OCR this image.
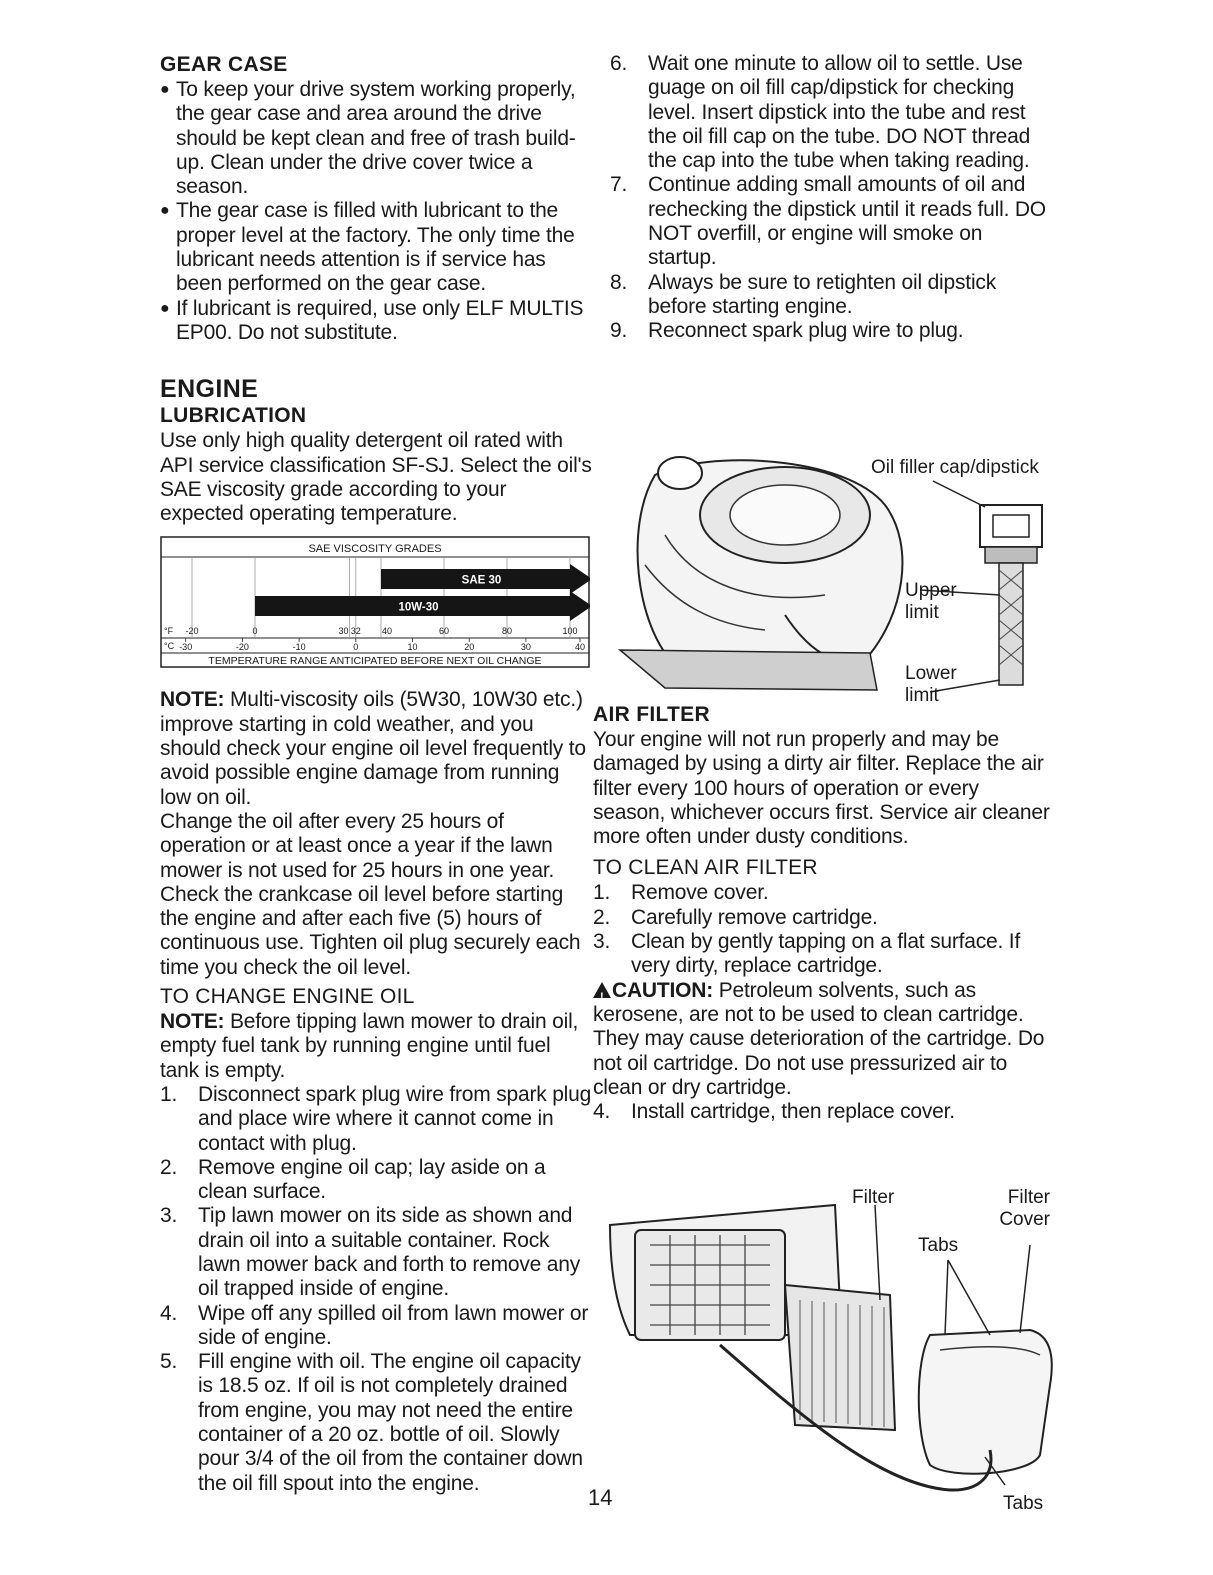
GEAR CASE
● To keep your drive system working properly, the gear case and area around the drive should be kept clean and free of trash build-up. Clean under the drive cover twice a season.
● The gear case is filled with lubricant to the proper level at the factory. The only time the lubricant needs attention is if service has been performed on the gear case.
● If lubricant is required, use only ELF MULTIS EP00. Do not substitute.
ENGINE
LUBRICATION

Use only high quality detergent oil rated with API service classification SF-SJ. Select the oil's SAE viscosity grade according to your expected operating temperature.

SAE VISCOSITY GRADES
TEMPERATURE RANGE ANTICIPATED BEFORE NEXT OIL CHANGE
SAE 30
10W-30
°F -20	0	30 32 40	60	80	100
°C -30	-20	-10	0	10	20	30	40

NOTE: Multi-viscosity oils (5W30, 10W30 etc.) improve starting in cold weather, and you should check your engine oil level frequently to avoid possible engine damage from running low on oil.

Change the oil after every 25 hours of operation or at least once a year if the lawn mower is not used for 25 hours in one year.

Check the crankcase oil level before starting the engine and after each five (5) hours of continuous use. Tighten oil plug securely each time you check the oil level.

TO CHANGE ENGINE OIL

NOTE: Before tipping lawn mower to drain oil, empty fuel tank by running engine until fuel tank is empty.

1. Disconnect spark plug wire from spark plug and place wire where it cannot come in contact with plug.
2. Remove engine oil cap; lay aside on a clean surface.
3. Tip lawn mower on its side as shown and drain oil into a suitable container. Rock lawn mower back and forth to remove any oil trapped inside of engine.
4. Wipe off any spilled oil from lawn mower or side of engine.
5. Fill engine with oil. The engine oil capacity is 18.5 oz. If oil is not completely drained from engine, you may not need the entire container of a 20 oz. bottle of oil. Slowly pour 3/4 of the oil from the container down the oil fill spout into the engine.
6. Wait one minute to allow oil to settle. Use guage on oil fill cap/dipstick for checking level. Insert dipstick into the tube and rest the oil fill cap on the tube. DO NOT thread the cap into the tube when taking reading.
7. Continue adding small amounts of oil and rechecking the dipstick until it reads full. DO NOT overfill, or engine will smoke on startup.
8. Always be sure to retighten oil dipstick before starting engine.
9. Reconnect spark plug wire to plug.
Oil filler cap/dipstick
Upper limit
Lower limit
AIR FILTER

Your engine will not run properly and may be damaged by using a dirty air filter. Replace the air filter every 100 hours of operation or every season, whichever occurs first. Service air cleaner more often under dusty conditions.

TO CLEAN AIR FILTER
1. Remove cover.
2. Carefully remove cartridge.
3. Clean by gently tapping on a flat surface. If very dirty, replace cartridge.

! CAUTION: Petroleum solvents, such as kerosene, are not to be used to clean cartridge. They may cause deterioration of the cartridge. Do not oil cartridge. Do not use pressurized air to clean or dry cartridge.

4. Install cartridge, then replace cover.
Filter	Filter Cover
Tabs
Tabs
14
